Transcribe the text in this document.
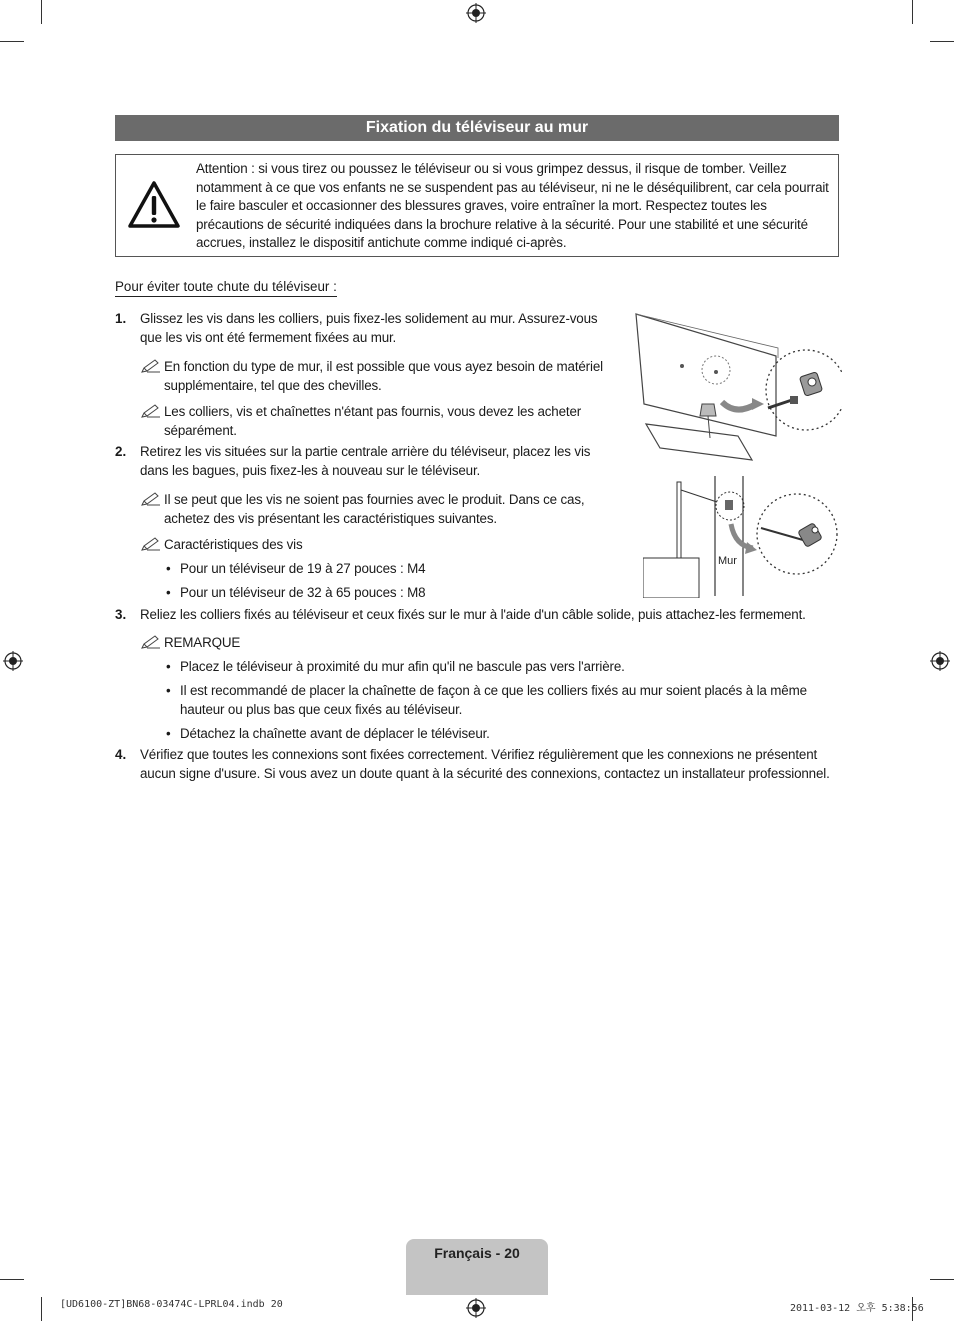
Fixation du téléviseur au mur
Attention : si vous tirez ou poussez le téléviseur ou si vous grimpez dessus, il risque de tomber. Veillez notamment à ce que vos enfants ne se suspendent pas au téléviseur, ni ne le déséquilibrent, car cela pourrait le faire basculer et occasionner des blessures graves, voire entraîner la mort. Respectez toutes les précautions de sécurité indiquées dans la brochure relative à la sécurité. Pour une stabilité et une sécurité accrues, installez le dispositif antichute comme indiqué ci-après.
Pour éviter toute chute du téléviseur :
1. Glissez les vis dans les colliers, puis fixez-les solidement au mur. Assurez-vous que les vis ont été fermement fixées au mur.
En fonction du type de mur, il est possible que vous ayez besoin de matériel supplémentaire, tel que des chevilles.
Les colliers, vis et chaînettes n'étant pas fournis, vous devez les acheter séparément.
2. Retirez les vis situées sur la partie centrale arrière du téléviseur, placez les vis dans les bagues, puis fixez-les à nouveau sur le téléviseur.
Il se peut que les vis ne soient pas fournies avec le produit. Dans ce cas, achetez des vis présentant les caractéristiques suivantes.
Caractéristiques des vis
• Pour un téléviseur de 19 à 27 pouces : M4
• Pour un téléviseur de 32 à 65 pouces : M8
3. Reliez les colliers fixés au téléviseur et ceux fixés sur le mur à l'aide d'un câble solide, puis attachez-les fermement.
REMARQUE
• Placez le téléviseur à proximité du mur afin qu'il ne bascule pas vers l'arrière.
• Il est recommandé de placer la chaînette de façon à ce que les colliers fixés au mur soient placés à la même hauteur ou plus bas que ceux fixés au téléviseur.
• Détachez la chaînette avant de déplacer le téléviseur.
4. Vérifiez que toutes les connexions sont fixées correctement. Vérifiez régulièrement que les connexions ne présentent aucun signe d'usure. Si vous avez un doute quant à la sécurité des connexions, contactez un installateur professionnel.
Mur
Français - 20
[UD6100-ZT]BN68-03474C-LPRL04.indb 20	2011-03-12 오후 5:38:56
